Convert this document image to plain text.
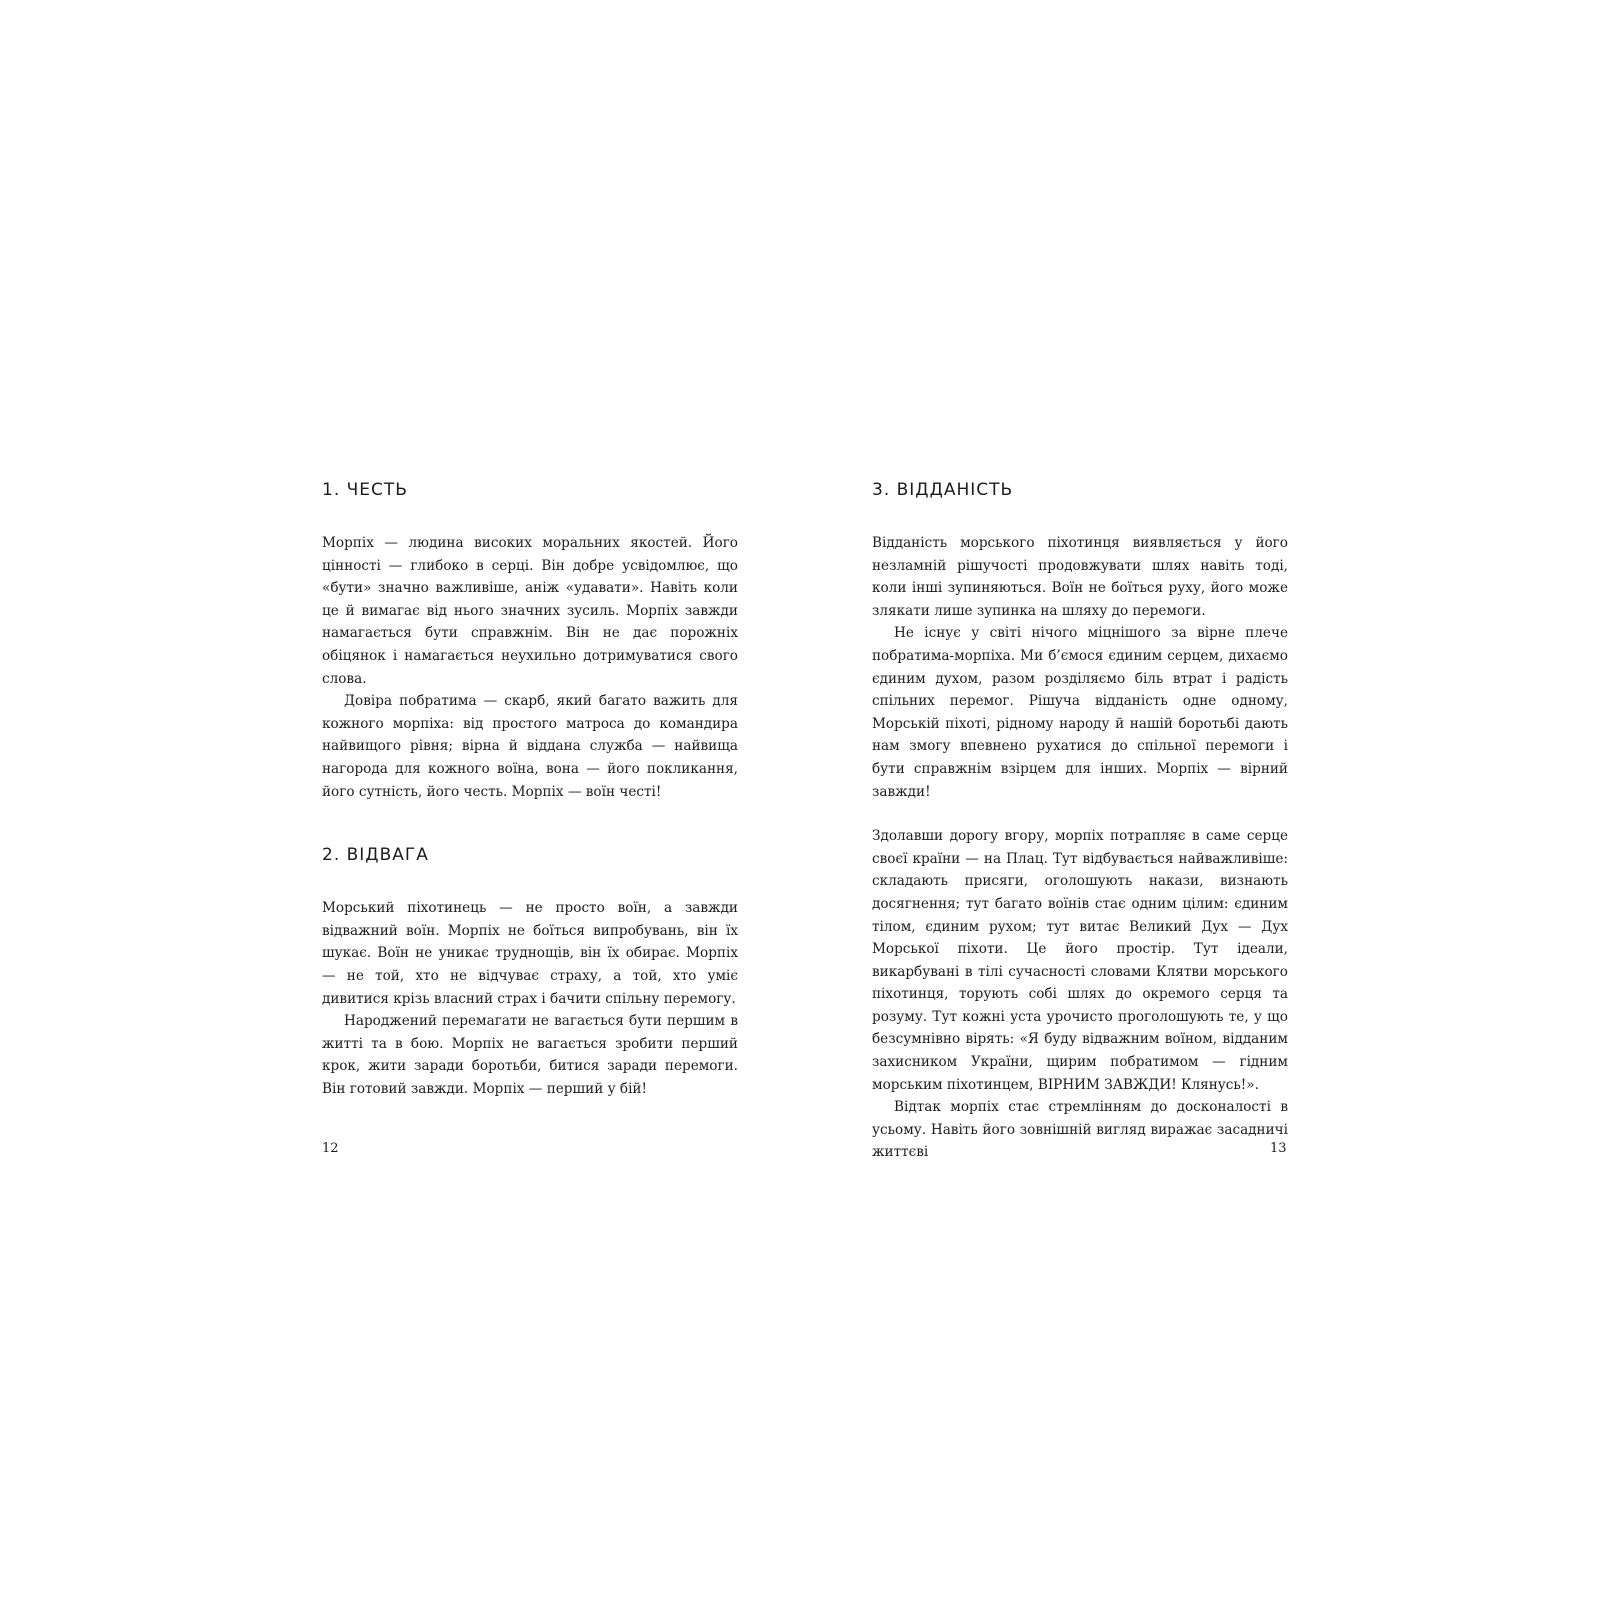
1. ЧЕСТЬ

Морпіх — людина високих моральних якостей. Його цінності — глибоко в серці. Він добре усвідомлює, що «бути» значно важливіше, аніж «удавати». Навіть коли це й вимагає від нього значних зусиль. Морпіх завжди намагається бути справжнім. Він не дає порожніх обіцянок і намагається неухильно дотримуватися свого слова.

Довіра побратима — скарб, який багато важить для кожного морпіха: від простого матроса до командира найвищого рівня; вірна й віддана служба — найвища нагорода для кожного воїна, вона — його покликання, його сутність, його честь. Морпіх — воїн честі!

2. ВІДВАГА

Морський піхотинець — не просто воїн, а завжди відважний воїн. Морпіх не боїться випробувань, він їх шукає. Воїн не уникає труднощів, він їх обирає. Морпіх — не той, хто не відчуває страху, а той, хто уміє дивитися крізь власний страх і бачити спільну перемогу.

Народжений перемагати не вагається бути першим в житті та в бою. Морпіх не вагається зробити перший крок, жити заради боротьби, битися заради перемоги. Він готовий завжди. Морпіх — перший у бій!

3. ВІДДАНІСТЬ

Відданість морського піхотинця виявляється у його незламній рішучості продовжувати шлях навіть тоді, коли інші зупиняються. Воїн не боїться руху, його може злякати лише зупинка на шляху до перемоги.

Не існує у світі нічого міцнішого за вірне плече побратима-морпіха. Ми б’ємося єдиним серцем, дихаємо єдиним духом, разом розділяємо біль втрат і радість спільних перемог. Рішуча відданість одне одному, Морській піхоті, рідному народу й нашій боротьбі дають нам змогу впевнено рухатися до спільної перемоги і бути справжнім взірцем для інших. Морпіх — вірний завжди!

Здолавши дорогу вгору, морпіх потрапляє в саме серце своєї країни — на Плац. Тут відбувається найважливіше: складають присяги, оголошують накази, визнають досягнення; тут багато воїнів стає одним цілим: єдиним тілом, єдиним рухом; тут витає Великий Дух — Дух Морської піхоти. Це його простір. Тут ідеали, викарбувані в тілі сучасності словами Клятви морського піхотинця, торують собі шлях до окремого серця та розуму. Тут кожні уста урочисто проголошують те, у що безсумнівно вірять: «Я буду відважним воїном, відданим захисником України, щирим побратимом — гідним морським піхотинцем, ВІРНИМ ЗАВЖДИ! Клянусь!».

Відтак морпіх стає стремлінням до досконалості в усьому. Навіть його зовнішній вигляд виражає засадничі життєві

12	13
